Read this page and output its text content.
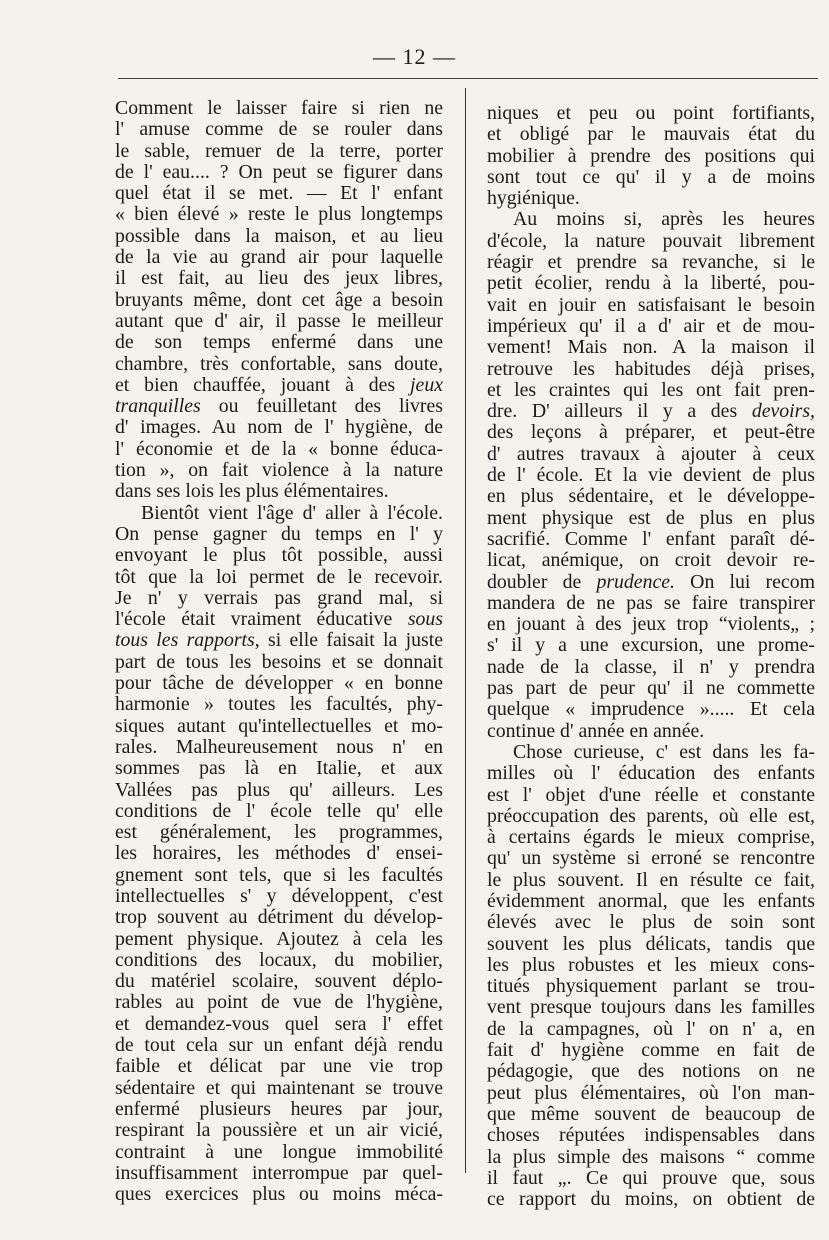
— 12 —
Comment le laisser faire si rien ne
l' amuse comme de se rouler dans
le sable, remuer de la terre, porter
de l' eau.... ? On peut se figurer dans
quel état il se met. — Et l' enfant
« bien élevé » reste le plus longtemps
possible dans la maison, et au lieu
de la vie au grand air pour laquelle
il est fait, au lieu des jeux libres,
bruyants même, dont cet âge a besoin
autant que d' air, il passe le meilleur
de son temps enfermé dans une
chambre, très confortable, sans doute,
et bien chauffée, jouant à des jeux
tranquilles ou feuilletant des livres
d' images. Au nom de l' hygiène, de
l' économie et de la « bonne éduca-
tion », on fait violence à la nature
dans ses lois les plus élémentaires.
Bientôt vient l'âge d' aller à l'école.
On pense gagner du temps en l' y
envoyant le plus tôt possible, aussi
tôt que la loi permet de le recevoir.
Je n' y verrais pas grand mal, si
l'école était vraiment éducative sous
tous les rapports, si elle faisait la juste
part de tous les besoins et se donnait
pour tâche de développer « en bonne
harmonie » toutes les facultés, phy-
siques autant qu'intellectuelles et mo-
rales. Malheureusement nous n' en
sommes pas là en Italie, et aux
Vallées pas plus qu' ailleurs. Les
conditions de l' école telle qu' elle
est généralement, les programmes,
les horaires, les méthodes d' ensei-
gnement sont tels, que si les facultés
intellectuelles s' y développent, c'est
trop souvent au détriment du dévelop-
pement physique. Ajoutez à cela les
conditions des locaux, du mobilier,
du matériel scolaire, souvent déplo-
rables au point de vue de l'hygiène,
et demandez-vous quel sera l' effet
de tout cela sur un enfant déjà rendu
faible et délicat par une vie trop
sédentaire et qui maintenant se trouve
enfermé plusieurs heures par jour,
respirant la poussière et un air vicié,
contraint à une longue immobilité
insuffisamment interrompue par quel-
ques exercices plus ou moins méca-
niques et peu ou point fortifiants,
et obligé par le mauvais état du
mobilier à prendre des positions qui
sont tout ce qu' il y a de moins
hygiénique.
Au moins si, après les heures
d'école, la nature pouvait librement
réagir et prendre sa revanche, si le
petit écolier, rendu à la liberté, pou-
vait en jouir en satisfaisant le besoin
impérieux qu' il a d' air et de mou-
vement! Mais non. A la maison il
retrouve les habitudes déjà prises,
et les craintes qui les ont fait pren-
dre. D' ailleurs il y a des devoirs,
des leçons à préparer, et peut-être
d' autres travaux à ajouter à ceux
de l' école. Et la vie devient de plus
en plus sédentaire, et le développe-
ment physique est de plus en plus
sacrifié. Comme l' enfant paraît dé-
licat, anémique, on croit devoir re-
doubler de prudence. On lui recom
mandera de ne pas se faire transpirer
en jouant à des jeux trop “violents„ ;
s' il y a une excursion, une prome-
nade de la classe, il n' y prendra
pas part de peur qu' il ne commette
quelque « imprudence »..... Et cela
continue d' année en année.
Chose curieuse, c' est dans les fa-
milles où l' éducation des enfants
est l' objet d'une réelle et constante
préoccupation des parents, où elle est,
à certains égards le mieux comprise,
qu' un système si erroné se rencontre
le plus souvent. Il en résulte ce fait,
évidemment anormal, que les enfants
élevés avec le plus de soin sont
souvent les plus délicats, tandis que
les plus robustes et les mieux cons-
titués physiquement parlant se trou-
vent presque toujours dans les familles
de la campagnes, où l' on n' a, en
fait d' hygiène comme en fait de
pédagogie, que des notions on ne
peut plus élémentaires, où l'on man-
que même souvent de beaucoup de
choses réputées indispensables dans
la plus simple des maisons “ comme
il faut „. Ce qui prouve que, sous
ce rapport du moins, on obtient de
